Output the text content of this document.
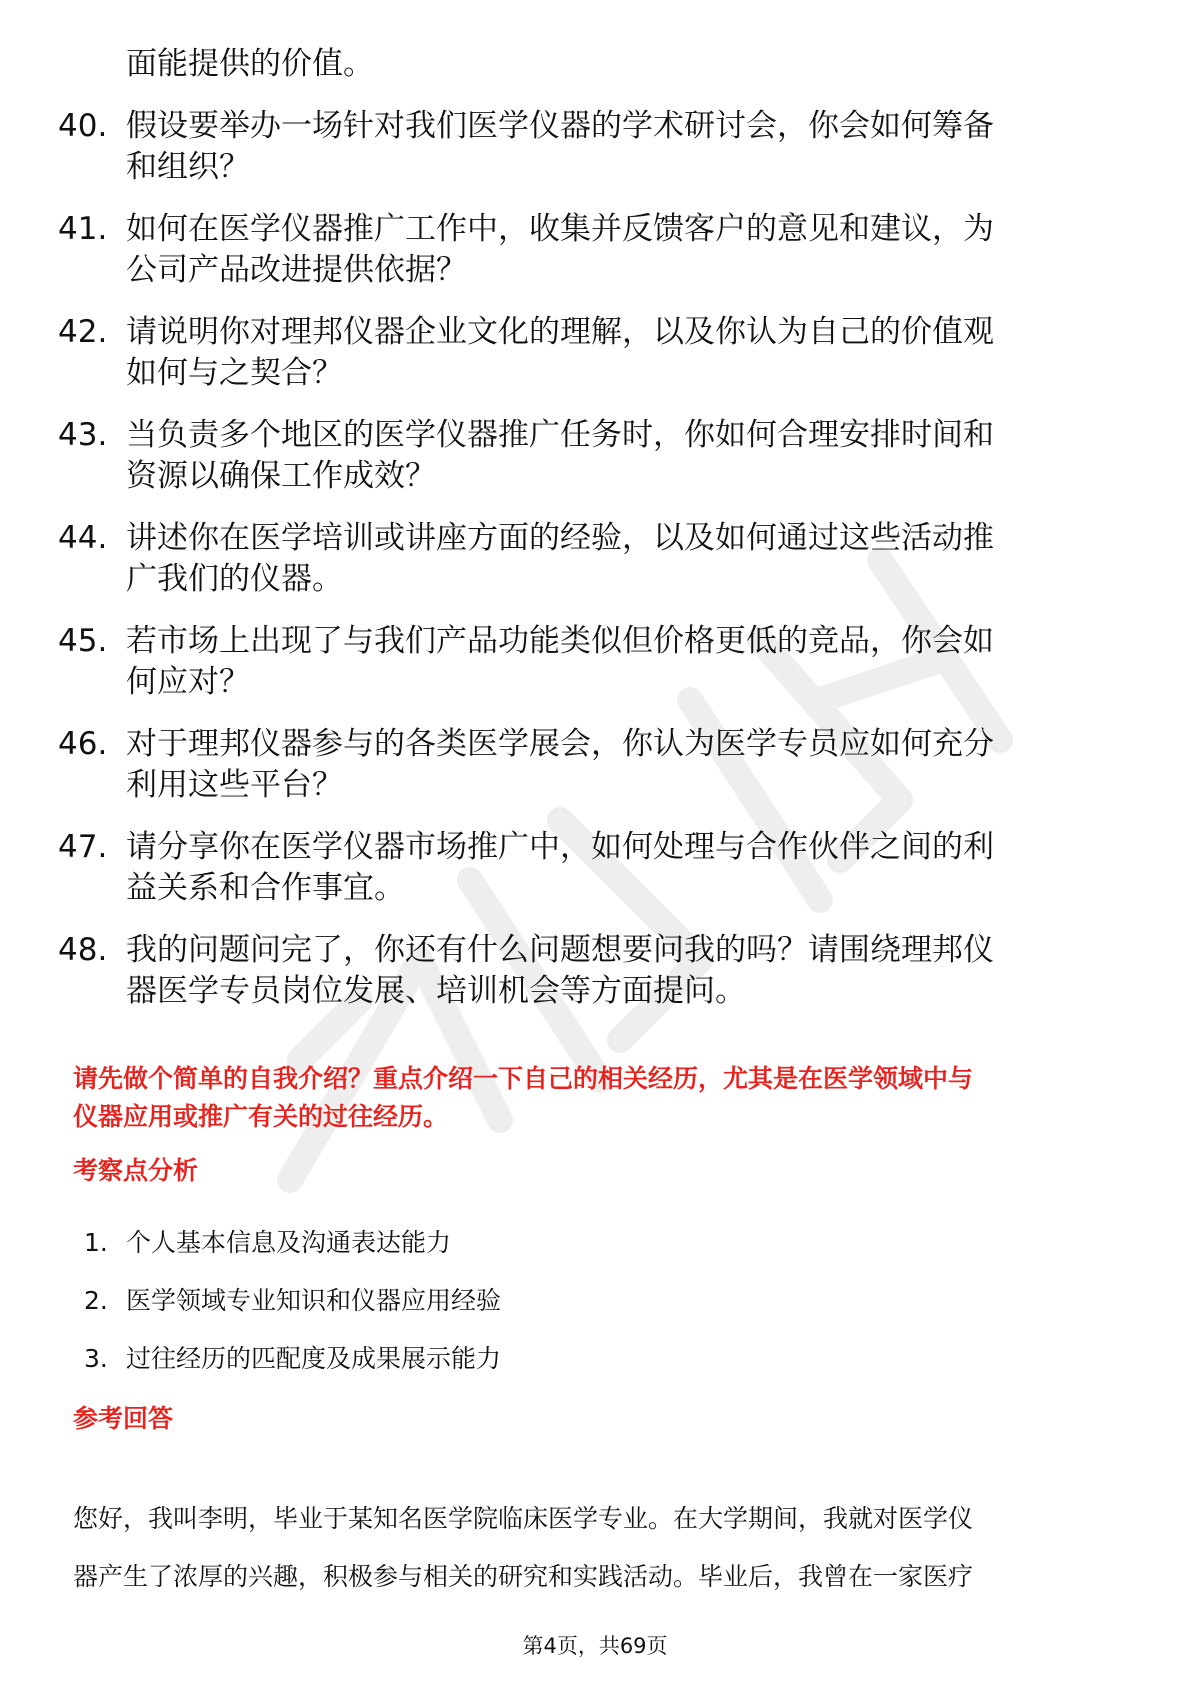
面能提供的价值。
40. 假设要举办一场针对我们医学仪器的学术研讨会，你会如何筹备
和组织？
41. 如何在医学仪器推广工作中，收集并反馈客户的意见和建议，为
公司产品改进提供依据？
42. 请说明你对理邦仪器企业文化的理解，以及你认为自己的价值观
如何与之契合？
43. 当负责多个地区的医学仪器推广任务时，你如何合理安排时间和
资源以确保工作成效？
44. 讲述你在医学培训或讲座方面的经验，以及如何通过这些活动推
广我们的仪器。
45. 若市场上出现了与我们产品功能类似但价格更低的竞品，你会如
何应对？
46. 对于理邦仪器参与的各类医学展会，你认为医学专员应如何充分
利用这些平台？
47. 请分享你在医学仪器市场推广中，如何处理与合作伙伴之间的利
益关系和合作事宜。
48. 我的问题问完了，你还有什么问题想要问我的吗？请围绕理邦仪
器医学专员岗位发展、培训机会等方面提问。
请先做个简单的自我介绍？重点介绍一下自己的相关经历，尤其是在医学领域中与
仪器应用或推广有关的过往经历。
考察点分析
1. 个人基本信息及沟通表达能力
2. 医学领域专业知识和仪器应用经验
3. 过往经历的匹配度及成果展示能力
参考回答
您好，我叫李明，毕业于某知名医学院临床医学专业。在大学期间，我就对医学仪
器产生了浓厚的兴趣，积极参与相关的研究和实践活动。毕业后，我曾在一家医疗
第4页，共69页
